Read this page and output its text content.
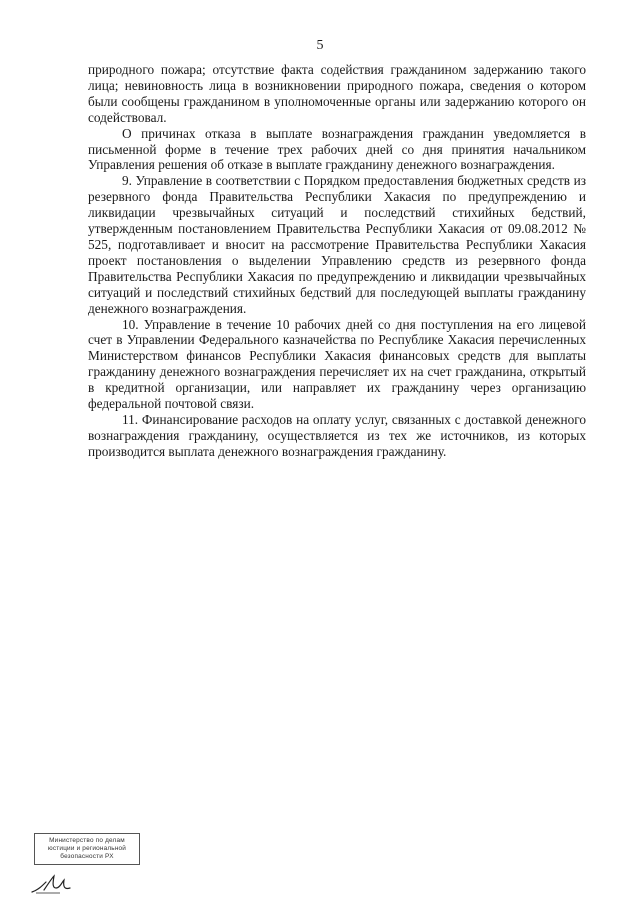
5

природного пожара; отсутствие факта содействия гражданином задержанию такого лица; невиновность лица в возникновении природного пожара, сведения о котором были сообщены гражданином в уполномоченные органы или задержанию которого он содействовал.

О причинах отказа в выплате вознаграждения гражданин уведомляется в письменной форме в течение трех рабочих дней со дня принятия начальником Управления решения об отказе в выплате гражданину денежного вознаграждения.

9. Управление в соответствии с Порядком предоставления бюджетных средств из резервного фонда Правительства Республики Хакасия по предупреждению и ликвидации чрезвычайных ситуаций и последствий стихийных бедствий, утвержденным постановлением Правительства Республики Хакасия от 09.08.2012 № 525, подготавливает и вносит на рассмотрение Правительства Республики Хакасия проект постановления о выделении Управлению средств из резервного фонда Правительства Республики Хакасия по предупреждению и ликвидации чрезвычайных ситуаций и последствий стихийных бедствий для последующей выплаты гражданину денежного вознаграждения.

10. Управление в течение 10 рабочих дней со дня поступления на его лицевой счет в Управлении Федерального казначейства по Республике Хакасия перечисленных Министерством финансов Республики Хакасия финансовых средств для выплаты гражданину денежного вознаграждения перечисляет их на счет гражданина, открытый в кредитной организации, или направляет их гражданину через организацию федеральной почтовой связи.

11. Финансирование расходов на оплату услуг, связанных с доставкой денежного вознаграждения гражданину, осуществляется из тех же источников, из которых производится выплата денежного вознаграждения гражданину.

Министерство по делам
юстиции и региональной
безопасности РХ
